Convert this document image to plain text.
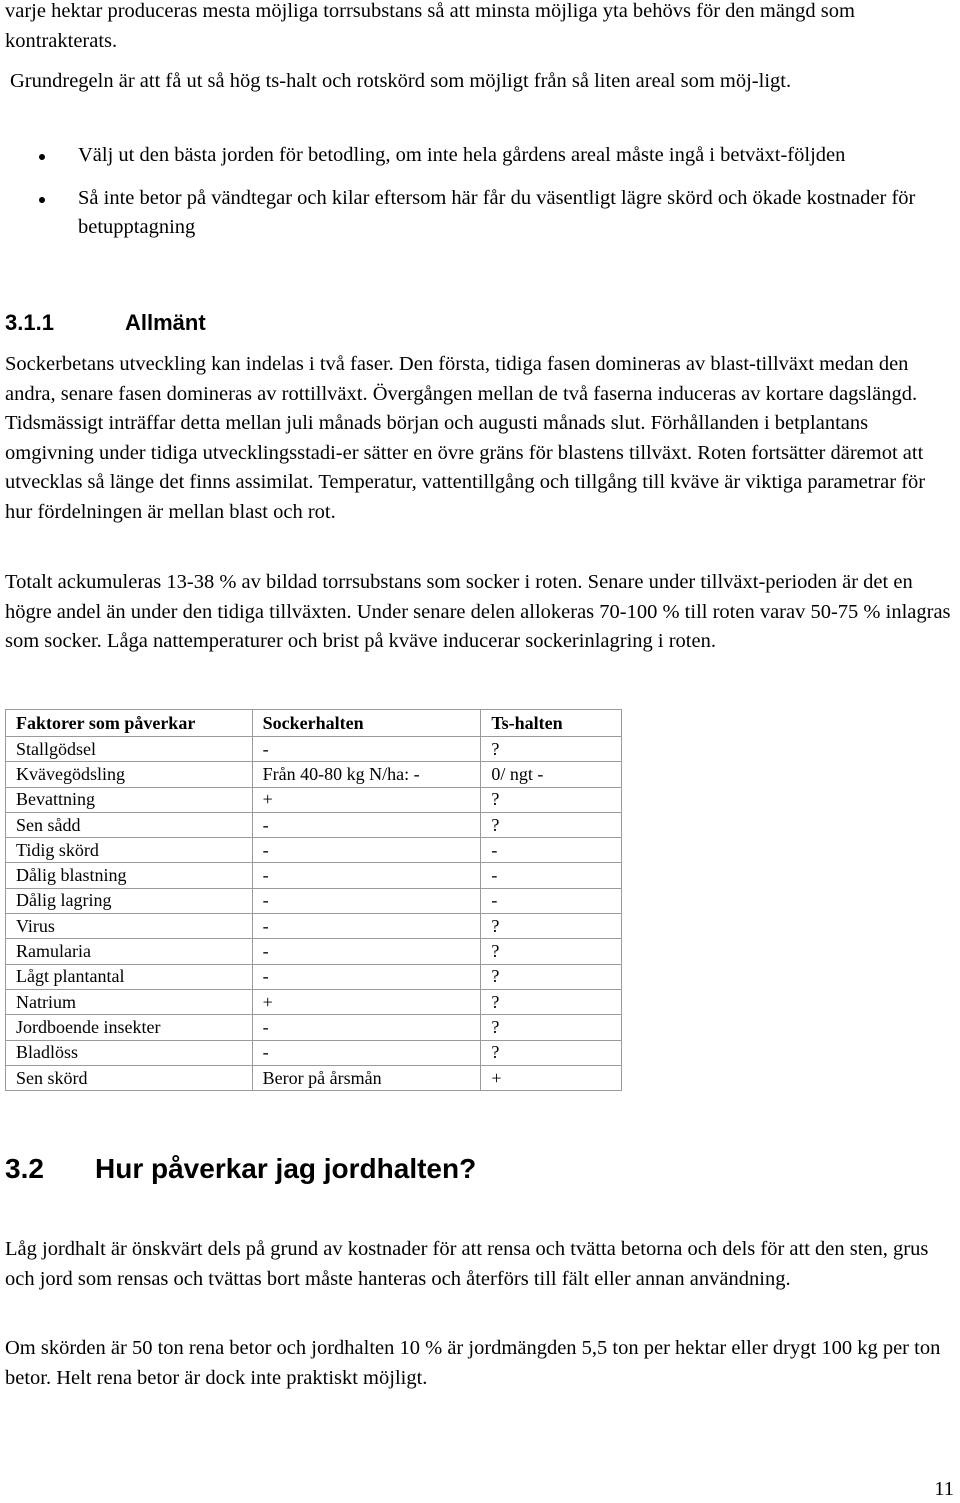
varje hektar produceras mesta möjliga torrsubstans så att minsta möjliga yta behövs för den mängd som kontrakterats.

Grundregeln är att få ut så hög ts-halt och rotskörd som möjligt från så liten areal som möj-ligt.

Välj ut den bästa jorden för betodling, om inte hela gårdens areal måste ingå i betväxt-följden
Så inte betor på vändtegar och kilar eftersom här får du väsentligt lägre skörd och ökade kostnader för betupptagning
3.1.1	Allmänt

Sockerbetans utveckling kan indelas i två faser. Den första, tidiga fasen domineras av blast-tillväxt medan den andra, senare fasen domineras av rottillväxt. Övergången mellan de två faserna induceras av kortare dagslängd. Tidsmässigt inträffar detta mellan juli månads början och augusti månads slut. Förhållanden i betplantans omgivning under tidiga utvecklingsstadi-er sätter en övre gräns för blastens tillväxt. Roten fortsätter däremot att utvecklas så länge det finns assimilat. Temperatur, vattentillgång och tillgång till kväve är viktiga parametrar för hur fördelningen är mellan blast och rot.

Totalt ackumuleras 13-38 % av bildad torrsubstans som socker i roten. Senare under tillväxt-perioden är det en högre andel än under den tidiga tillväxten. Under senare delen allokeras 70-100 % till roten varav 50-75 % inlagras som socker. Låga nattemperaturer och brist på kväve inducerar sockerinlagring i roten.

Faktorer som påverkar	Sockerhalten	Ts-halten
Stallgödsel	-	?
Kvävegödsling	Från 40-80 kg N/ha: -	0/ ngt -
Bevattning	+	?
Sen sådd	-	?
Tidig skörd	-	-
Dålig blastning	-	-
Dålig lagring	-	-
Virus	-	?
Ramularia	-	?
Lågt plantantal	-	?
Natrium	+	?
Jordboende insekter	-	?
Bladlöss	-	?
Sen skörd	Beror på årsmån	+
3.2 Hur påverkar jag jordhalten?

Låg jordhalt är önskvärt dels på grund av kostnader för att rensa och tvätta betorna och dels för att den sten, grus och jord som rensas och tvättas bort måste hanteras och återförs till fält eller annan användning.

Om skörden är 50 ton rena betor och jordhalten 10 % är jordmängden 5,5 ton per hektar eller drygt 100 kg per ton betor. Helt rena betor är dock inte praktiskt möjligt.

11
